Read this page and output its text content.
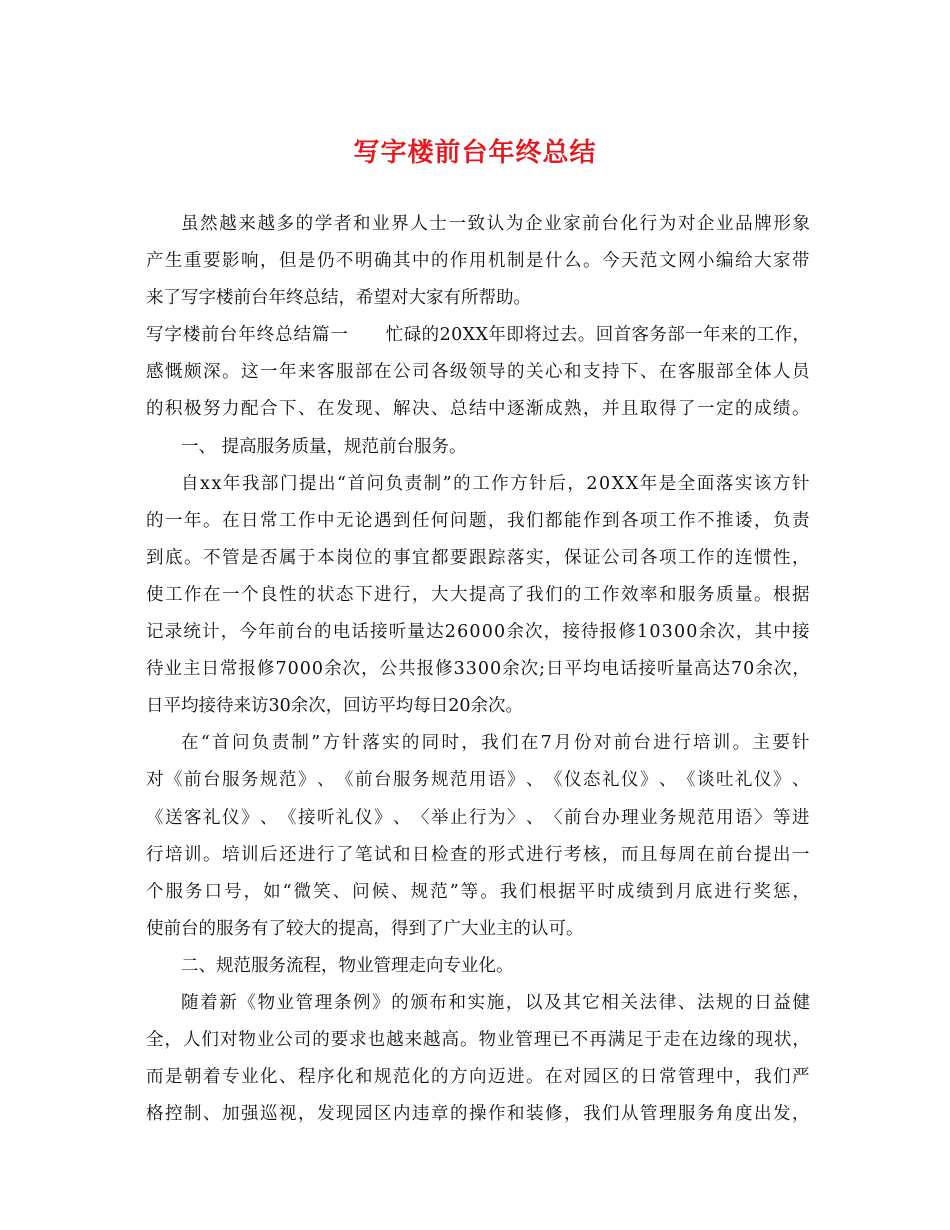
写字楼前台年终总结
虽 然 越 来 越 多 的 学 者 和 业 界 人 士 一 致 认 为 企 业 家 前 台 化 行 为 对 企 业 品 牌 形 象
产 生 重 要 影 响 ， 但 是 仍 不 明 确 其 中 的 作 用 机 制 是 什 么 。 今 天 范 文 网 小 编 给 大 家 带
来了写字楼前台年终总结，希望对大家有所帮助。
写 字 楼 前 台 年 终 总 结 篇 一 忙 碌 的 2 0 X X 年 即 将 过 去 。 回 首 客 务 部 一 年 来 的 工 作 ，
感 慨 颇 深 。 这 一 年 来 客 服 部 在 公 司 各 级 领 导 的 关 心 和 支 持 下 、 在 客 服 部 全 体 人 员
的 积 极 努 力 配 合 下 、 在 发 现 、 解 决 、 总 结 中 逐 渐 成 熟 ， 并 且 取 得 了 一 定 的 成 绩 。
一、 提高服务质量，规范前台服务。
自 x x 年 我 部 门 提 出 “ 首 问 负 责 制 ” 的 工 作 方 针 后 ， 2 0 X X 年 是 全 面 落 实 该 方 针
的 一 年 。 在 日 常 工 作 中 无 论 遇 到 任 何 问 题 ， 我 们 都 能 作 到 各 项 工 作 不 推 诿 ， 负 责
到 底 。 不 管 是 否 属 于 本 岗 位 的 事 宜 都 要 跟 踪 落 实 ， 保 证 公 司 各 项 工 作 的 连 惯 性 ，
使 工 作 在 一 个 良 性 的 状 态 下 进 行 ， 大 大 提 高 了 我 们 的 工 作 效 率 和 服 务 质 量 。 根 据
记 录 统 计 ， 今 年 前 台 的 电 话 接 听 量 达 2 6 0 0 0 余 次 ， 接 待 报 修 1 0 3 0 0 余 次 ， 其 中 接
待 业 主 日 常 报 修 7 0 0 0 余 次 ， 公 共 报 修 3 3 0 0 余 次 ; 日 平 均 电 话 接 听 量 高 达 7 0 余 次 ，
日平均接待来访30余次，回访平均每日20余次。
在 “ 首 问 负 责 制 ” 方 针 落 实 的 同 时 ， 我 们 在 7 月 份 对 前 台 进 行 培 训 。 主 要 针
对 《 前 台 服 务 规 范 》 、 《 前 台 服 务 规 范 用 语 》 、 《 仪 态 礼 仪 》 、 《 谈 吐 礼 仪 》 、
《 送 客 礼 仪 》 、 《 接 听 礼 仪 》 、 〈 举 止 行 为 〉 、 〈 前 台 办 理 业 务 规 范 用 语 〉 等 进
行 培 训 。 培 训 后 还 进 行 了 笔 试 和 日 检 查 的 形 式 进 行 考 核 ， 而 且 每 周 在 前 台 提 出 一
个 服 务 口 号 ， 如 “ 微 笑 、 问 候 、 规 范 ” 等 。 我 们 根 据 平 时 成 绩 到 月 底 进 行 奖 惩 ，
使前台的服务有了较大的提高，得到了广大业主的认可。
二、规范服务流程，物业管理走向专业化。
随 着 新 《 物 业 管 理 条 例 》 的 颁 布 和 实 施 ， 以 及 其 它 相 关 法 律 、 法 规 的 日 益 健
全 ， 人 们 对 物 业 公 司 的 要 求 也 越 来 越 高 。 物 业 管 理 已 不 再 满 足 于 走 在 边 缘 的 现 状 ，
而 是 朝 着 专 业 化 、 程 序 化 和 规 范 化 的 方 向 迈 进 。 在 对 园 区 的 日 常 管 理 中 ， 我 们 严
格 控 制 、 加 强 巡 视 ， 发 现 园 区 内 违 章 的 操 作 和 装 修 ， 我 们 从 管 理 服 务 角 度 出 发 ，
